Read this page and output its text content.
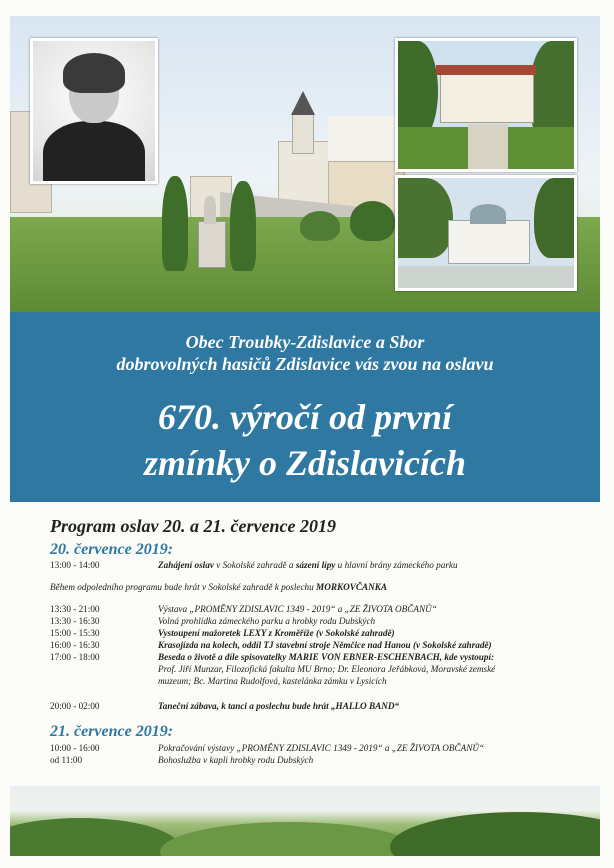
Marie von Ebner-Eschenbach
Obec Troubky-Zdislavice a Sbor
dobrovolných hasičů Zdislavice vás zvou na oslavu
670. výročí od první
zmínky o Zdislavicích
Program oslav 20. a 21. července 2019
20. července 2019:
13:00 - 14:00	Zahájení oslav v Sokolské zahradě a sázení lípy u hlavní brány zámeckého parku
Během odpoledního programu bude hrát v Sokolské zahradě k poslechu MORKOVČANKA
13:30 - 21:00	Výstava „PROMĚNY ZDISLAVIC 1349 - 2019“ a „ZE ŽIVOTA OBČANŮ“
13:30 - 16:30	Volná prohlídka zámeckého parku a hrobky rodu Dubských
15:00 - 15:30	Vystoupení mažoretek LEXY z Kroměříže (v Sokolské zahradě)
16:00 - 16:30	Krasojízda na kolech, oddíl TJ stavební stroje Němčice nad Hanou (v Sokolské zahradě)
17:00 - 18:00	Beseda o životě a díle spisovatelky MARIE VON EBNER-ESCHENBACH, kde vystoupí:
Prof. Jiří Munzar, Filozofická fakulta MU Brno; Dr. Eleonora Jeřábková, Moravské zemské
muzeum; Bc. Martina Rudolfová, kastelánka zámku v Lysicích
20:00 - 02:00	Taneční zábava, k tanci a poslechu bude hrát „HALLO BAND“
21. července 2019:
10:00 - 16:00	Pokračování výstavy „PROMĚNY ZDISLAVIC 1349 - 2019“ a „ZE ŽIVOTA OBČANŮ“
od 11:00	Bohoslužba v kapli hrobky rodu Dubských
